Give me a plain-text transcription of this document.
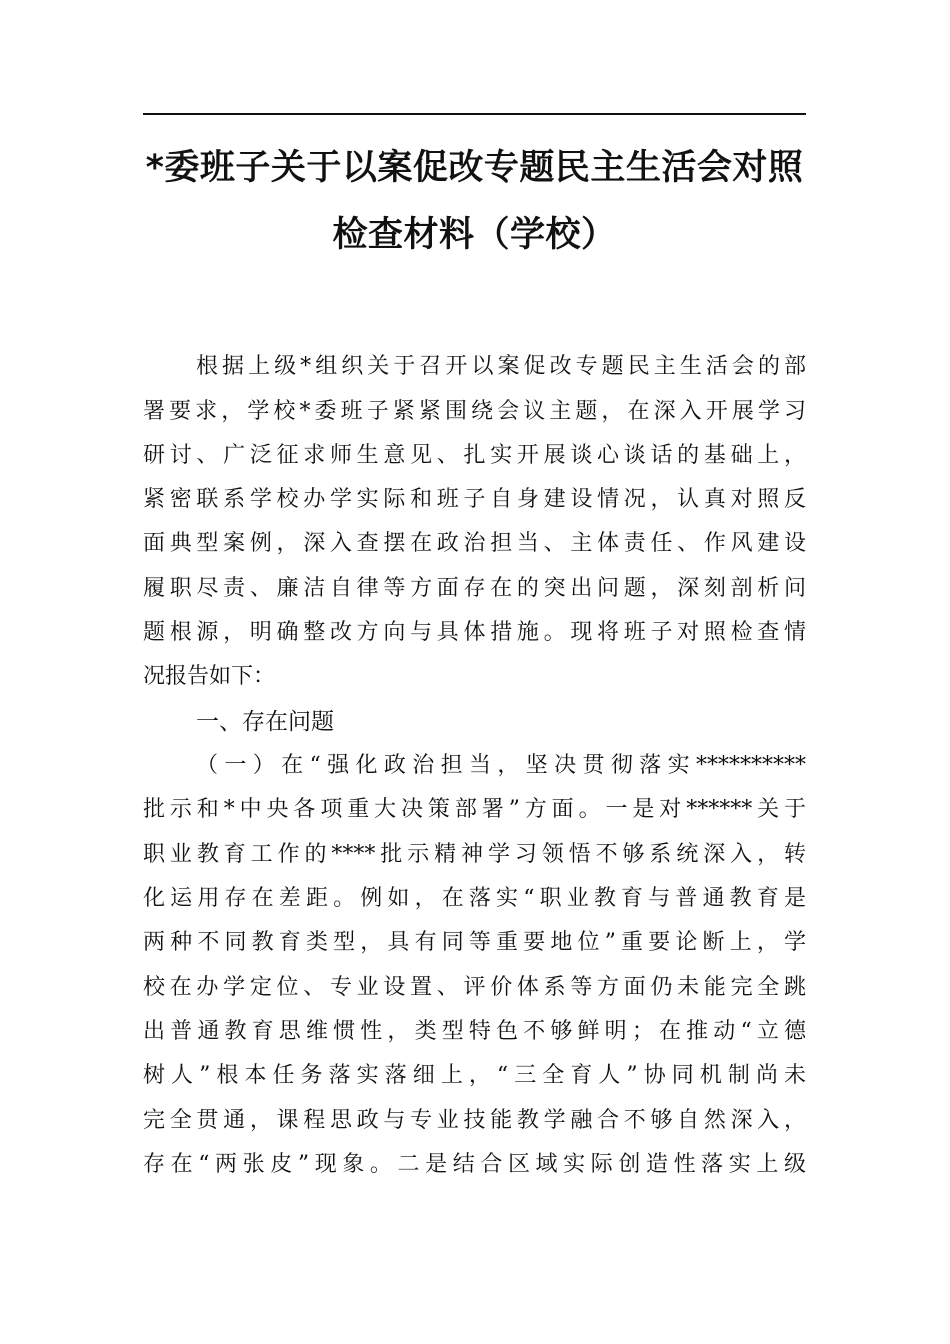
*委班子关于以案促改专题民主生活会对照
检查材料（学校）
根据上级*组织关于召开以案促改专题民主生活会的部
署要求，学校*委班子紧紧围绕会议主题，在深入开展学习
研讨、广泛征求师生意见、扎实开展谈心谈话的基础上，
紧密联系学校办学实际和班子自身建设情况，认真对照反
面典型案例，深入查摆在政治担当、主体责任、作风建设
履职尽责、廉洁自律等方面存在的突出问题，深刻剖析问
题根源，明确整改方向与具体措施。现将班子对照检查情
况报告如下：
一、存在问题
（一）在“强化政治担当，坚决贯彻落实**********
批示和*中央各项重大决策部署”方面。一是对******关于
职业教育工作的****批示精神学习领悟不够系统深入，转
化运用存在差距。例如，在落实“职业教育与普通教育是
两种不同教育类型，具有同等重要地位”重要论断上，学
校在办学定位、专业设置、评价体系等方面仍未能完全跳
出普通教育思维惯性，类型特色不够鲜明；在推动“立德
树人”根本任务落实落细上，“三全育人”协同机制尚未
完全贯通，课程思政与专业技能教学融合不够自然深入，
存在“两张皮”现象。二是结合区域实际创造性落实上级
